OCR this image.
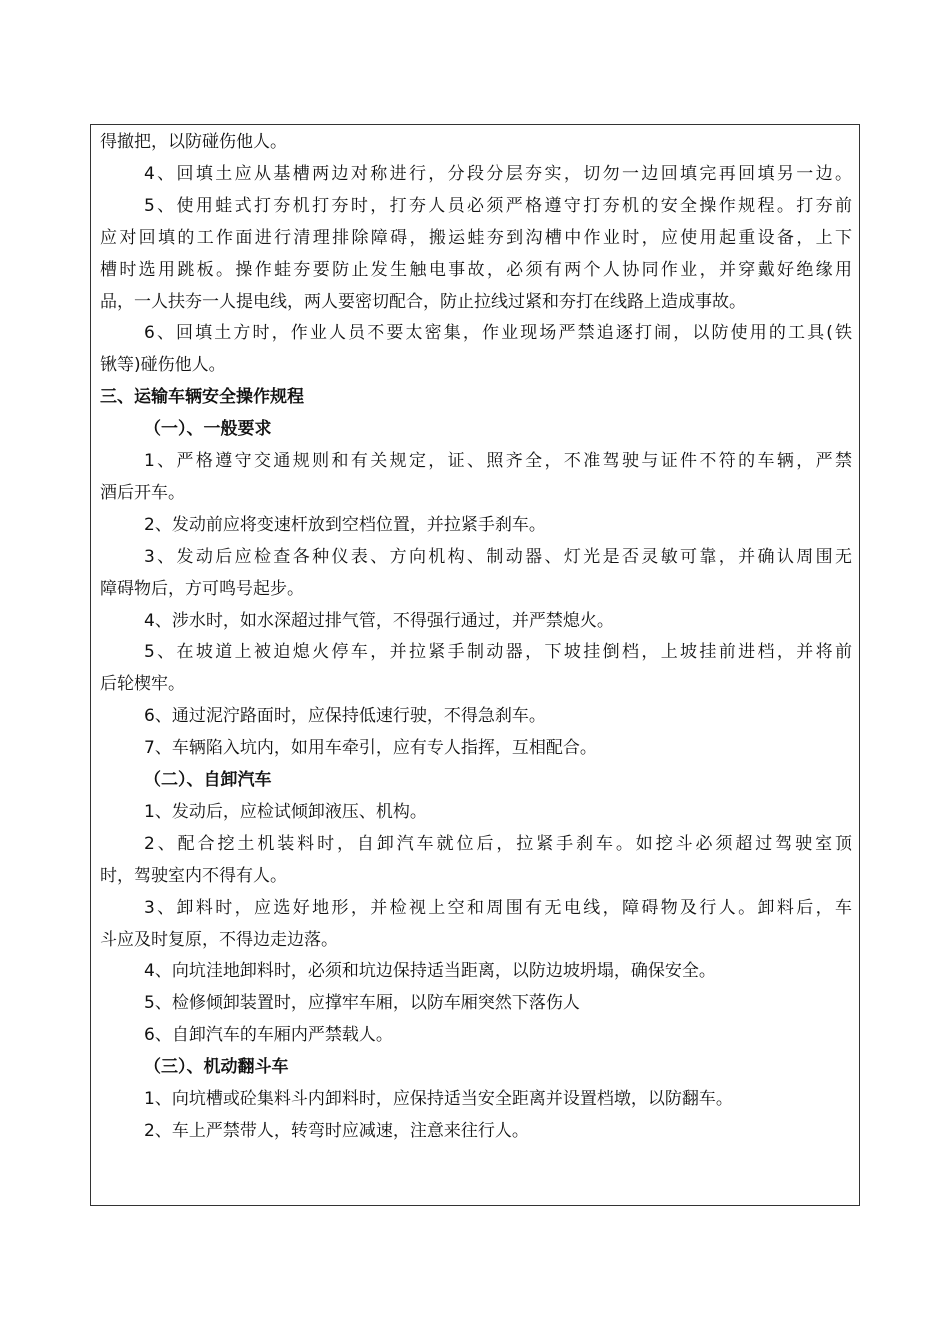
得撤把，以防碰伤他人。
4、回填土应从基槽两边对称进行，分段分层夯实，切勿一边回填完再回填另一边。
5、使用蛙式打夯机打夯时，打夯人员必须严格遵守打夯机的安全操作规程。打夯前
应对回填的工作面进行清理排除障碍，搬运蛙夯到沟槽中作业时，应使用起重设备，上下
槽时选用跳板。操作蛙夯要防止发生触电事故，必须有两个人协同作业，并穿戴好绝缘用
品，一人扶夯一人提电线，两人要密切配合，防止拉线过紧和夯打在线路上造成事故。
6、回填土方时，作业人员不要太密集，作业现场严禁追逐打闹，以防使用的工具(铁
锹等)碰伤他人。
三、运输车辆安全操作规程
（一）、一般要求
1、严格遵守交通规则和有关规定，证、照齐全，不准驾驶与证件不符的车辆，严禁
酒后开车。
2、发动前应将变速杆放到空档位置，并拉紧手刹车。
3、发动后应检查各种仪表、方向机构、制动器、灯光是否灵敏可靠，并确认周围无
障碍物后，方可鸣号起步。
4、涉水时，如水深超过排气管，不得强行通过，并严禁熄火。
5、在坡道上被迫熄火停车，并拉紧手制动器，下坡挂倒档，上坡挂前进档，并将前
后轮楔牢。
6、通过泥泞路面时，应保持低速行驶，不得急刹车。
7、车辆陷入坑内，如用车牵引，应有专人指挥，互相配合。
（二）、自卸汽车
1、发动后，应检试倾卸液压、机构。
2、配合挖土机装料时，自卸汽车就位后，拉紧手刹车。如挖斗必须超过驾驶室顶
时，驾驶室内不得有人。
3、卸料时，应选好地形，并检视上空和周围有无电线，障碍物及行人。卸料后，车
斗应及时复原，不得边走边落。
4、向坑洼地卸料时，必须和坑边保持适当距离，以防边坡坍塌，确保安全。
5、检修倾卸装置时，应撑牢车厢，以防车厢突然下落伤人
6、自卸汽车的车厢内严禁载人。
（三）、机动翻斗车
1、向坑槽或砼集料斗内卸料时，应保持适当安全距离并设置档墩，以防翻车。
2、车上严禁带人，转弯时应减速，注意来往行人。
